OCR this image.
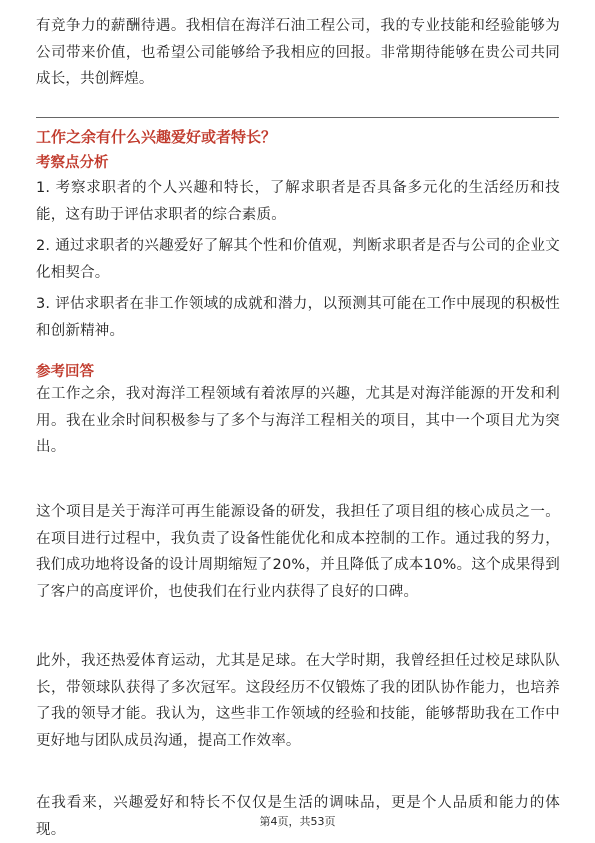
有竞争力的薪酬待遇。我相信在海洋石油工程公司，我的专业技能和经验能够为公司带来价值，也希望公司能够给予我相应的回报。非常期待能够在贵公司共同成长，共创辉煌。

工作之余有什么兴趣爱好或者特长？
考察点分析

1. 考察求职者的个人兴趣和特长，了解求职者是否具备多元化的生活经历和技能，这有助于评估求职者的综合素质。

2. 通过求职者的兴趣爱好了解其个性和价值观，判断求职者是否与公司的企业文化相契合。

3. 评估求职者在非工作领域的成就和潜力，以预测其可能在工作中展现的积极性和创新精神。

参考回答

在工作之余，我对海洋工程领域有着浓厚的兴趣，尤其是对海洋能源的开发和利用。我在业余时间积极参与了多个与海洋工程相关的项目，其中一个项目尤为突出。

这个项目是关于海洋可再生能源设备的研发，我担任了项目组的核心成员之一。在项目进行过程中，我负责了设备性能优化和成本控制的工作。通过我的努力，我们成功地将设备的设计周期缩短了20%，并且降低了成本10%。这个成果得到了客户的高度评价，也使我们在行业内获得了良好的口碑。

此外，我还热爱体育运动，尤其是足球。在大学时期，我曾经担任过校足球队队长，带领球队获得了多次冠军。这段经历不仅锻炼了我的团队协作能力，也培养了我的领导才能。我认为，这些非工作领域的经验和技能，能够帮助我在工作中更好地与团队成员沟通，提高工作效率。

在我看来，兴趣爱好和特长不仅仅是生活的调味品，更是个人品质和能力的体现。	第4页，共53页
